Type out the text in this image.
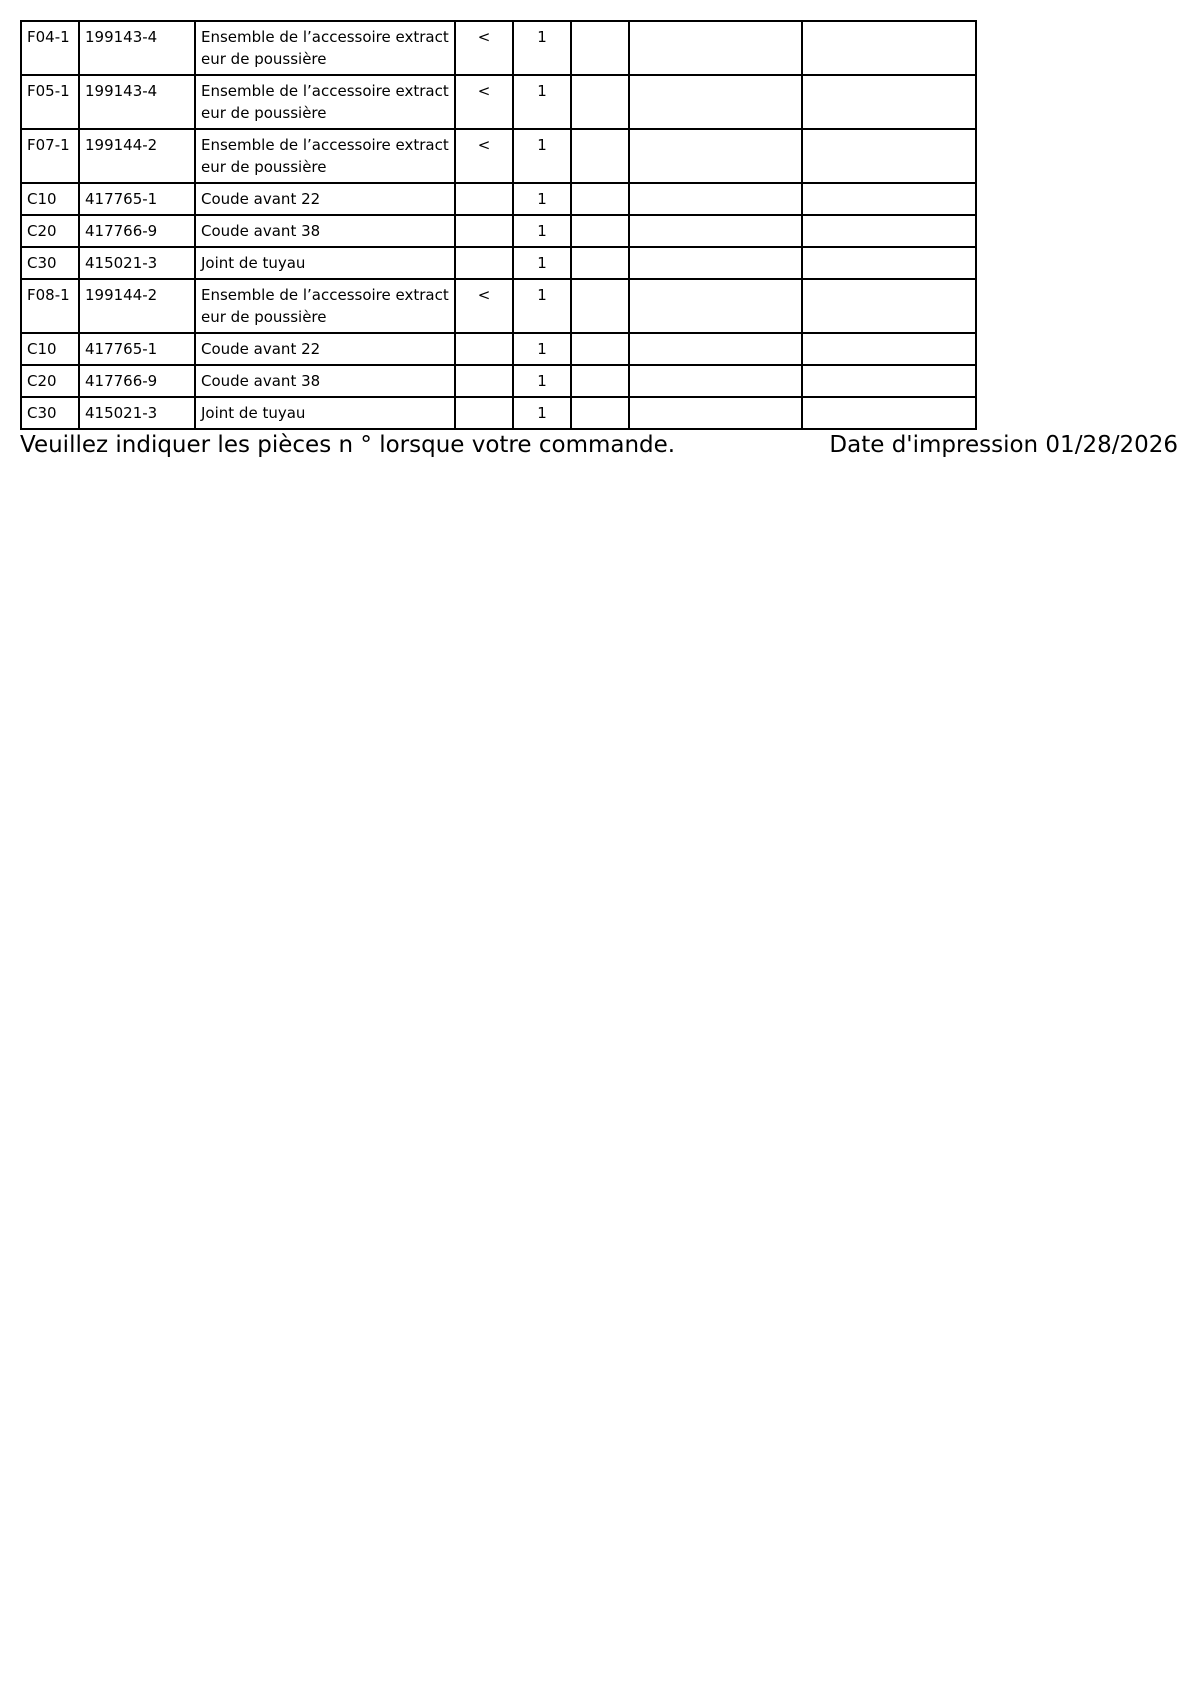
F04-1	199143-4	Ensemble de l’accessoire extracteur de poussière	<	1			
F05-1	199143-4	Ensemble de l’accessoire extracteur de poussière	<	1			
F07-1	199144-2	Ensemble de l’accessoire extracteur de poussière	<	1			
C10	417765-1	Coude avant 22		1			
C20	417766-9	Coude avant 38		1			
C30	415021-3	Joint de tuyau		1			
F08-1	199144-2	Ensemble de l’accessoire extracteur de poussière	<	1			
C10	417765-1	Coude avant 22		1			
C20	417766-9	Coude avant 38		1			
C30	415021-3	Joint de tuyau		1			
Veuillez indiquer les pièces n ° lorsque votre commande.	Date d'impression 01/28/2026
